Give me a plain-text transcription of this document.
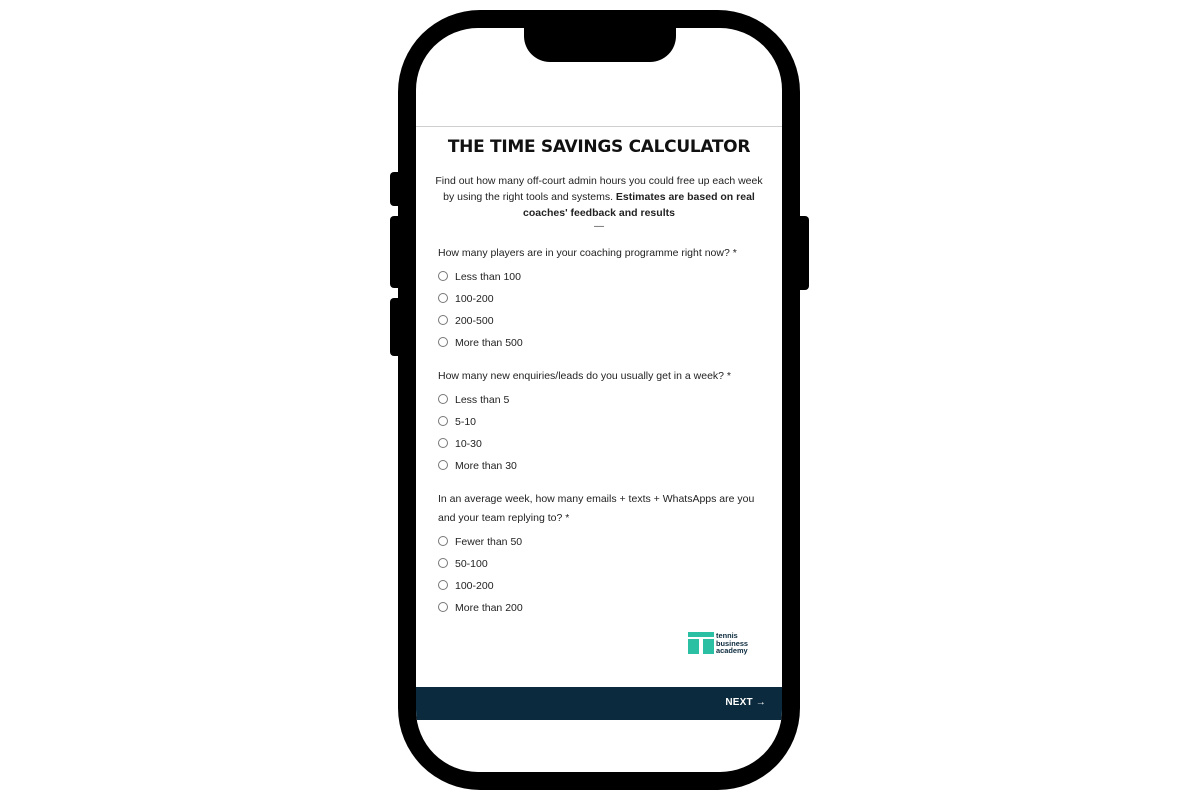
THE TIME SAVINGS CALCULATOR
Find out how many off-court admin hours you could free up each week by using the right tools and systems. Estimates are based on real coaches' feedback and results
—
How many players are in your coaching programme right now? *
Less than 100
100-200
200-500
More than 500
How many new enquiries/leads do you usually get in a week? *
Less than 5
5-10
10-30
More than 30
In an average week, how many emails + texts + WhatsApps are you and your team replying to? *
Fewer than 50
50-100
100-200
More than 200
tennis
business
academy
NEXT →
